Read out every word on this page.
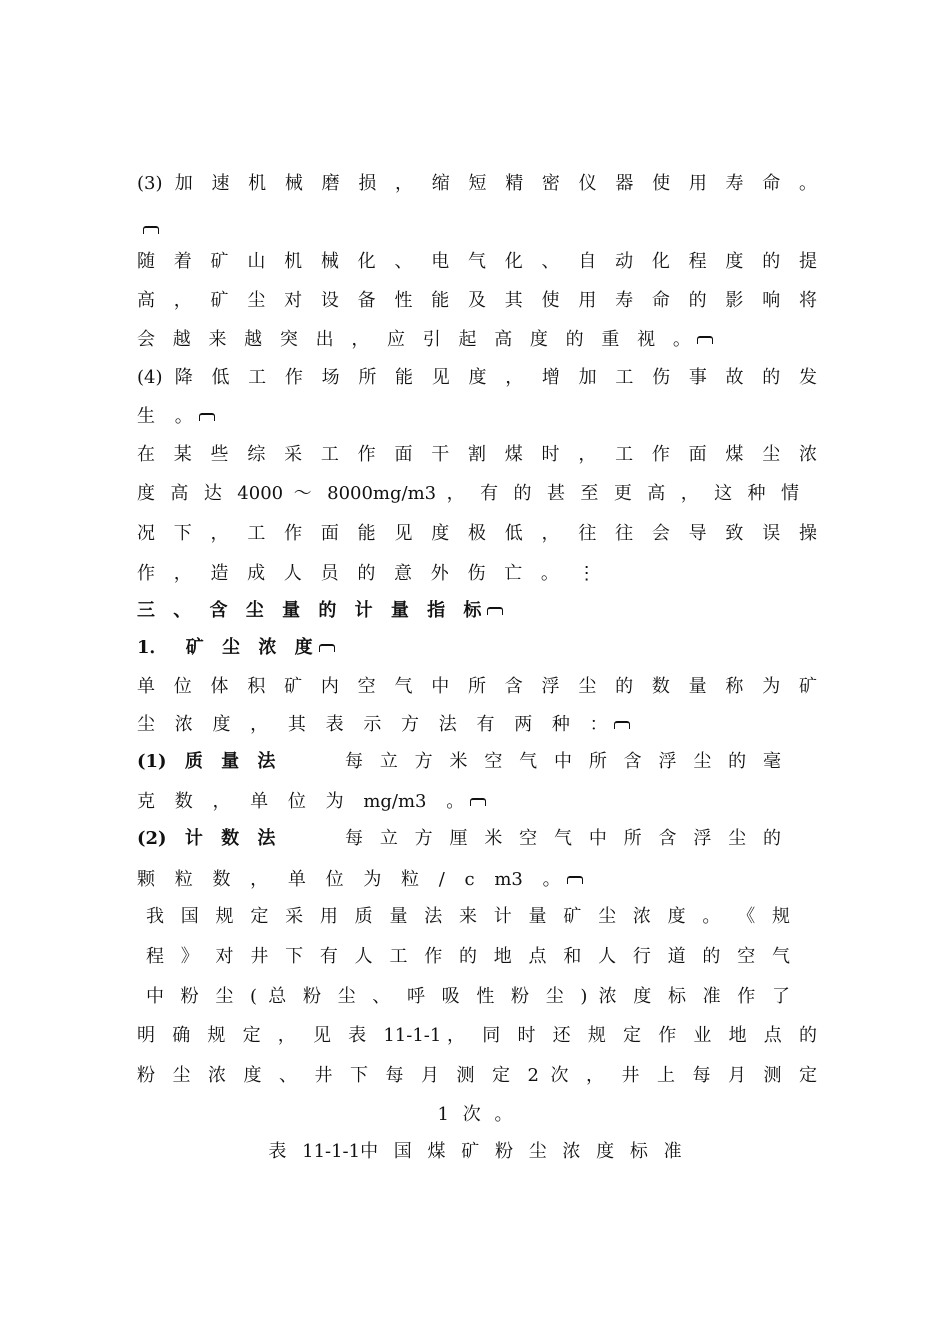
(3) 加 速 机 械 磨 损 ， 缩 短 精 密 仪 器 使 用 寿 命 。
随 着 矿 山 机 械 化 、 电 气 化 、 自 动 化 程 度 的 提
高 ， 矿 尘 对 设 备 性 能 及 其 使 用 寿 命 的 影 响 将
会 越 来 越 突 出 ， 应 引 起 高 度 的 重 视 。
(4) 降 低 工 作 场 所 能 见 度 ， 增 加 工 伤 事 故 的 发
生 。
在 某 些 综 采 工 作 面 干 割 煤 时 ， 工 作 面 煤 尘 浓
度 高 达 4000 ～ 8000mg/m3 ， 有 的 甚 至 更 高 ， 这 种 情
况 下 ， 工 作 面 能 见 度 极 低 ， 往 往 会 导 致 误 操
作 ， 造 成 人 员 的 意 外 伤 亡 。 ⋮
三 、 含 尘 量 的 计 量 指 标
1． 矿 尘 浓 度
单 位 体 积 矿 内 空 气 中 所 含 浮 尘 的 数 量 称 为 矿
尘 浓 度 ， 其 表 示 方 法 有 两 种 ：
(1) 质 量 法	每 立 方 米 空 气 中 所 含 浮 尘 的 毫
克 数 ， 单 位 为 mg/m3 。
(2) 计 数 法	每 立 方 厘 米 空 气 中 所 含 浮 尘 的
颗 粒 数 ， 单 位 为 粒 / c m3 。
我 国 规 定 采 用 质 量 法 来 计 量 矿 尘 浓 度 。 《 规
程 》 对 井 下 有 人 工 作 的 地 点 和 人 行 道 的 空 气
中 粉 尘 ( 总 粉 尘 、 呼 吸 性 粉 尘 ) 浓 度 标 准 作 了
明 确 规 定 ， 见 表 11-1-1， 同 时 还 规 定 作 业 地 点 的
粉 尘 浓 度 、 井 下 每 月 测 定 2 次 ， 井 上 每 月 测 定
1 次 。
表 11-1-1中 国 煤 矿 粉 尘 浓 度 标 准
